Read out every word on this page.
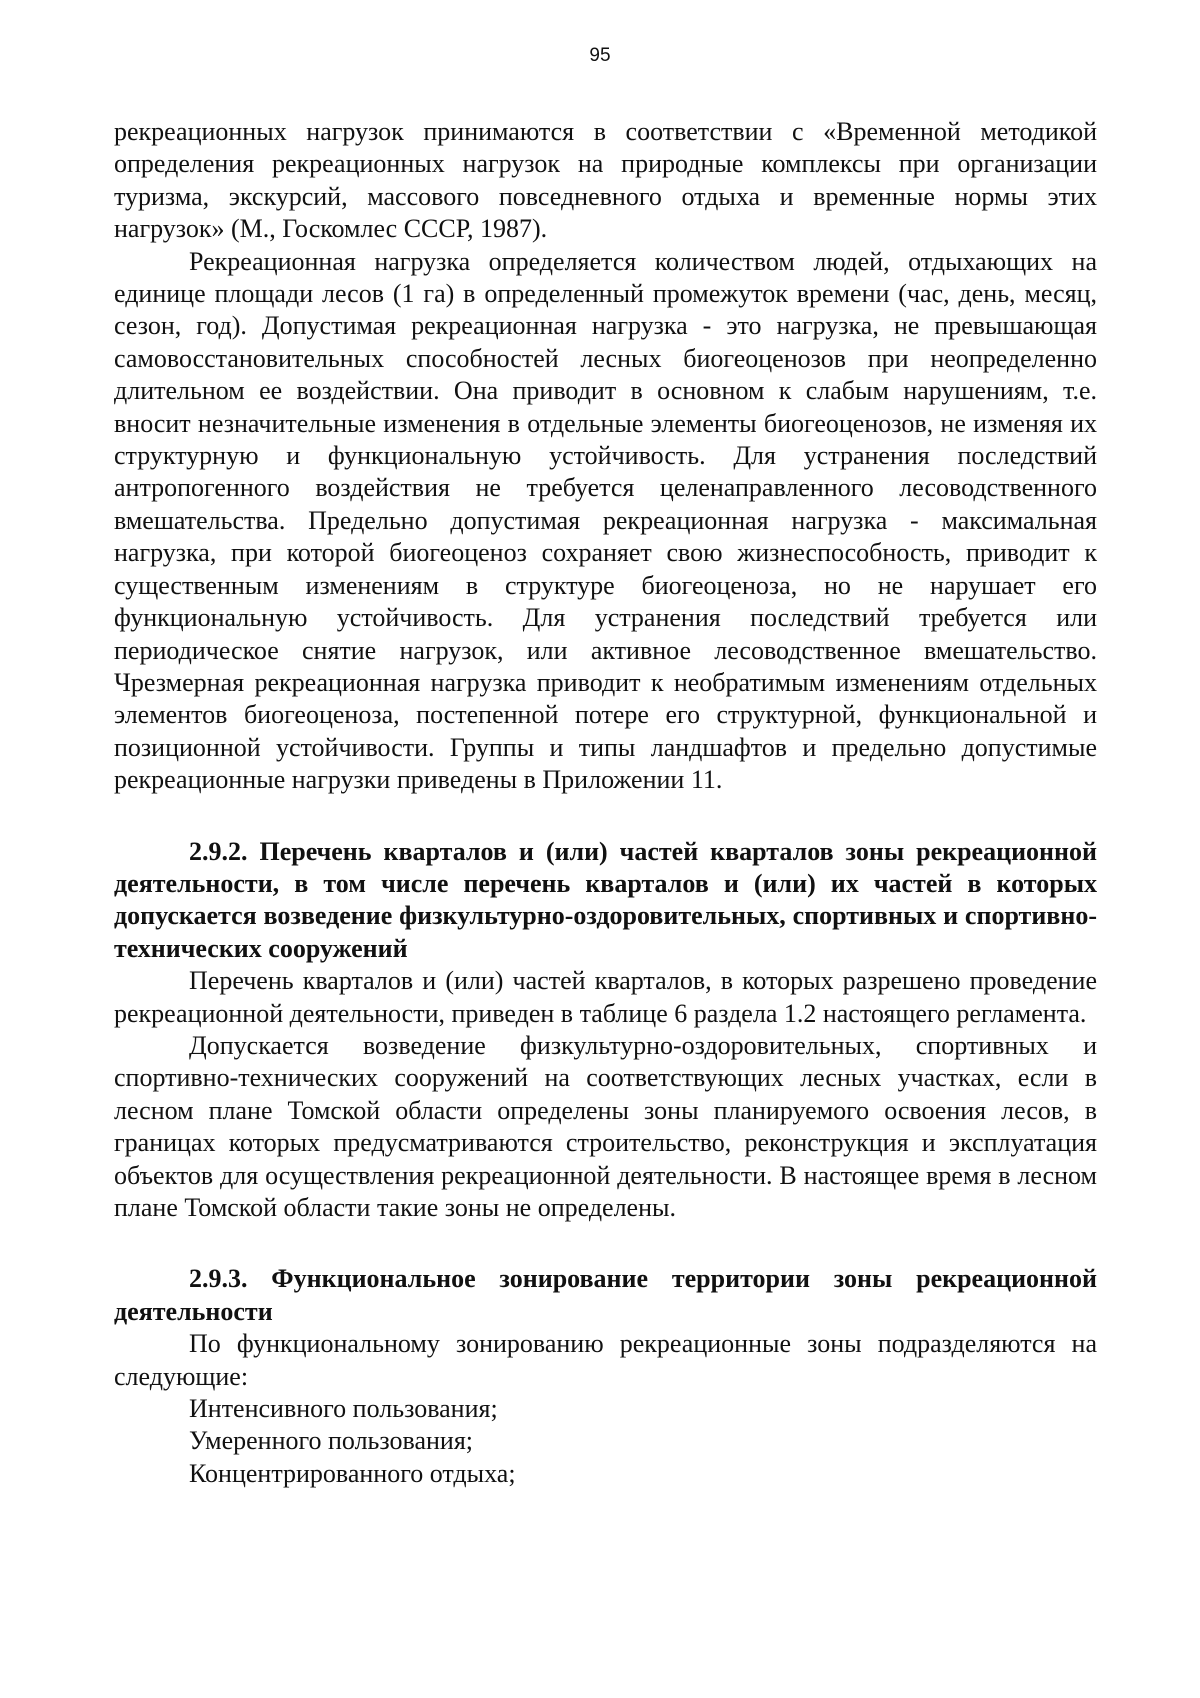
95

рекреационных нагрузок принимаются в соответствии с «Временной методикой определения рекреационных нагрузок на природные комплексы при организации туризма, экскурсий, массового повседневного отдыха и временные нормы этих нагрузок» (М., Госкомлес СССР, 1987).

Рекреационная нагрузка определяется количеством людей, отдыхающих на единице площади лесов (1 га) в определенный промежуток времени (час, день, месяц, сезон, год). Допустимая рекреационная нагрузка - это нагрузка, не превышающая самовосстановительных способностей лесных биогеоценозов при неопределенно длительном ее воздействии. Она приводит в основном к слабым нарушениям, т.е. вносит незначительные изменения в отдельные элементы биогеоценозов, не изменяя их структурную и функциональную устойчивость. Для устранения последствий антропогенного воздействия не требуется целенаправленного лесоводственного вмешательства. Предельно допустимая рекреационная нагрузка - максимальная нагрузка, при которой биогеоценоз сохраняет свою жизнеспособность, приводит к существенным изменениям в структуре биогеоценоза, но не нарушает его функциональную устойчивость. Для устранения последствий требуется или периодическое снятие нагрузок, или активное лесоводственное вмешательство. Чрезмерная рекреационная нагрузка приводит к необратимым изменениям отдельных элементов биогеоценоза, постепенной потере его структурной, функциональной и позиционной устойчивости. Группы и типы ландшафтов и предельно допустимые рекреационные нагрузки приведены в Приложении 11.

2.9.2. Перечень кварталов и (или) частей кварталов зоны рекреационной деятельности, в том числе перечень кварталов и (или) их частей в которых допускается возведение физкультурно-оздоровительных, спортивных и спортивно-технических сооружений

Перечень кварталов и (или) частей кварталов, в которых разрешено проведение рекреационной деятельности, приведен в таблице 6 раздела 1.2 настоящего регламента.

Допускается возведение физкультурно-оздоровительных, спортивных и спортивно-технических сооружений на соответствующих лесных участках, если в лесном плане Томской области определены зоны планируемого освоения лесов, в границах которых предусматриваются строительство, реконструкция и эксплуатация объектов для осуществления рекреационной деятельности. В настоящее время в лесном плане Томской области такие зоны не определены.

2.9.3. Функциональное зонирование территории зоны рекреационной деятельности

По функциональному зонированию рекреационные зоны подразделяются на следующие:

Интенсивного пользования;

Умеренного пользования;

Концентрированного отдыха;
